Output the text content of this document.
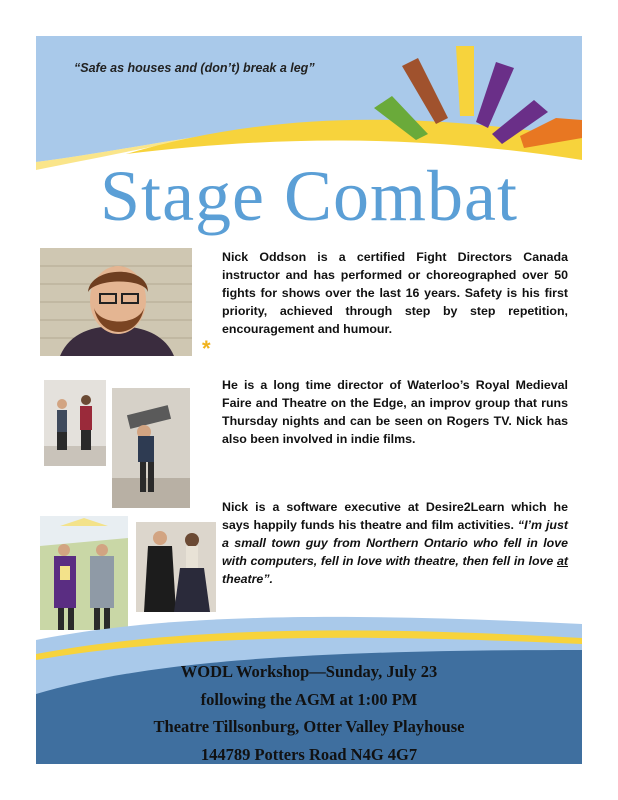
“Safe as houses and (don’t) break a leg”
Stage Combat
*

Nick Oddson is a certified Fight Directors Canada instructor and has performed or choreographed over 50 fights for shows over the last 16 years. Safety is his first priority, achieved through step by step repetition, encouragement and humour.

He is a long time director of Waterloo’s Royal Medieval Faire and Theatre on the Edge, an improv group that runs Thursday nights and can be seen on Rogers TV. Nick has also been involved in indie films.

Nick is a software executive at Desire2Learn which he says happily funds his theatre and film activities. “I’m just a small town guy from Northern Ontario who fell in love with computers, fell in love with theatre, then fell in love at theatre”.

WODL Workshop—Sunday, July 23
following the AGM at 1:00 PM
Theatre Tillsonburg, Otter Valley Playhouse
144789 Potters Road N4G 4G7
